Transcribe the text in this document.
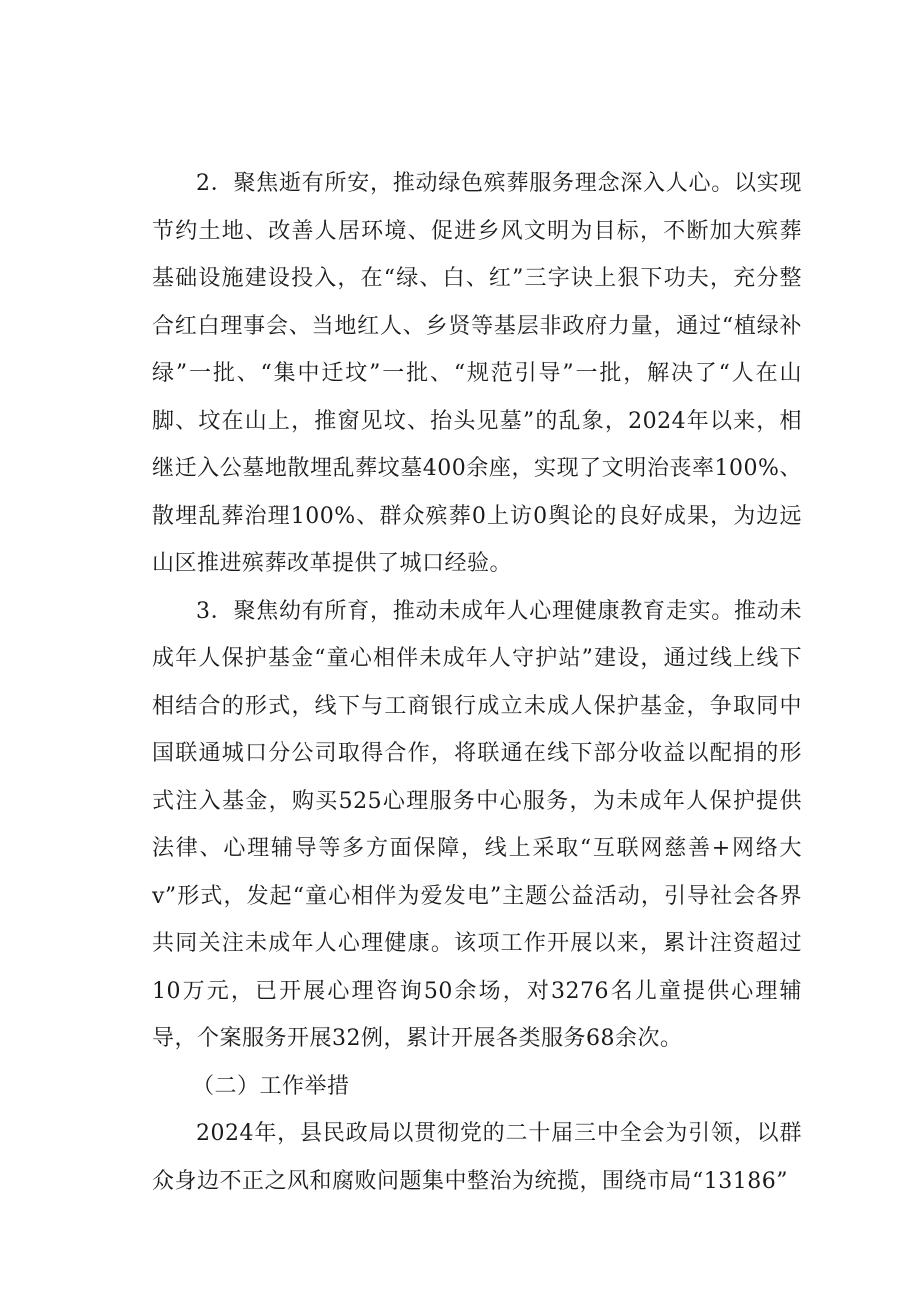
2．聚焦逝有所安，推动绿色殡葬服务理念深入人心。以实现节约土地、改善人居环境、促进乡风文明为目标，不断加大殡葬基础设施建设投入，在“绿、白、红”三字诀上狠下功夫，充分整合红白理事会、当地红人、乡贤等基层非政府力量，通过“植绿补绿”一批、“集中迁坟”一批、“规范引导”一批，解决了“人在山脚、坟在山上，推窗见坟、抬头见墓”的乱象，2024年以来，相继迁入公墓地散埋乱葬坟墓400余座，实现了文明治丧率100%、散埋乱葬治理100%、群众殡葬0上访0舆论的良好成果，为边远山区推进殡葬改革提供了城口经验。

3．聚焦幼有所育，推动未成年人心理健康教育走实。推动未成年人保护基金“童心相伴未成年人守护站”建设，通过线上线下相结合的形式，线下与工商银行成立未成人保护基金，争取同中国联通城口分公司取得合作，将联通在线下部分收益以配捐的形式注入基金，购买525心理服务中心服务，为未成年人保护提供法律、心理辅导等多方面保障，线上采取“互联网慈善+网络大v”形式，发起“童心相伴为爱发电”主题公益活动，引导社会各界共同关注未成年人心理健康。该项工作开展以来，累计注资超过10万元，已开展心理咨询50余场，对3276名儿童提供心理辅导，个案服务开展32例，累计开展各类服务68余次。

（二）工作举措

2024年，县民政局以贯彻党的二十届三中全会为引领，以群众身边不正之风和腐败问题集中整治为统揽，围绕市局“13186”
